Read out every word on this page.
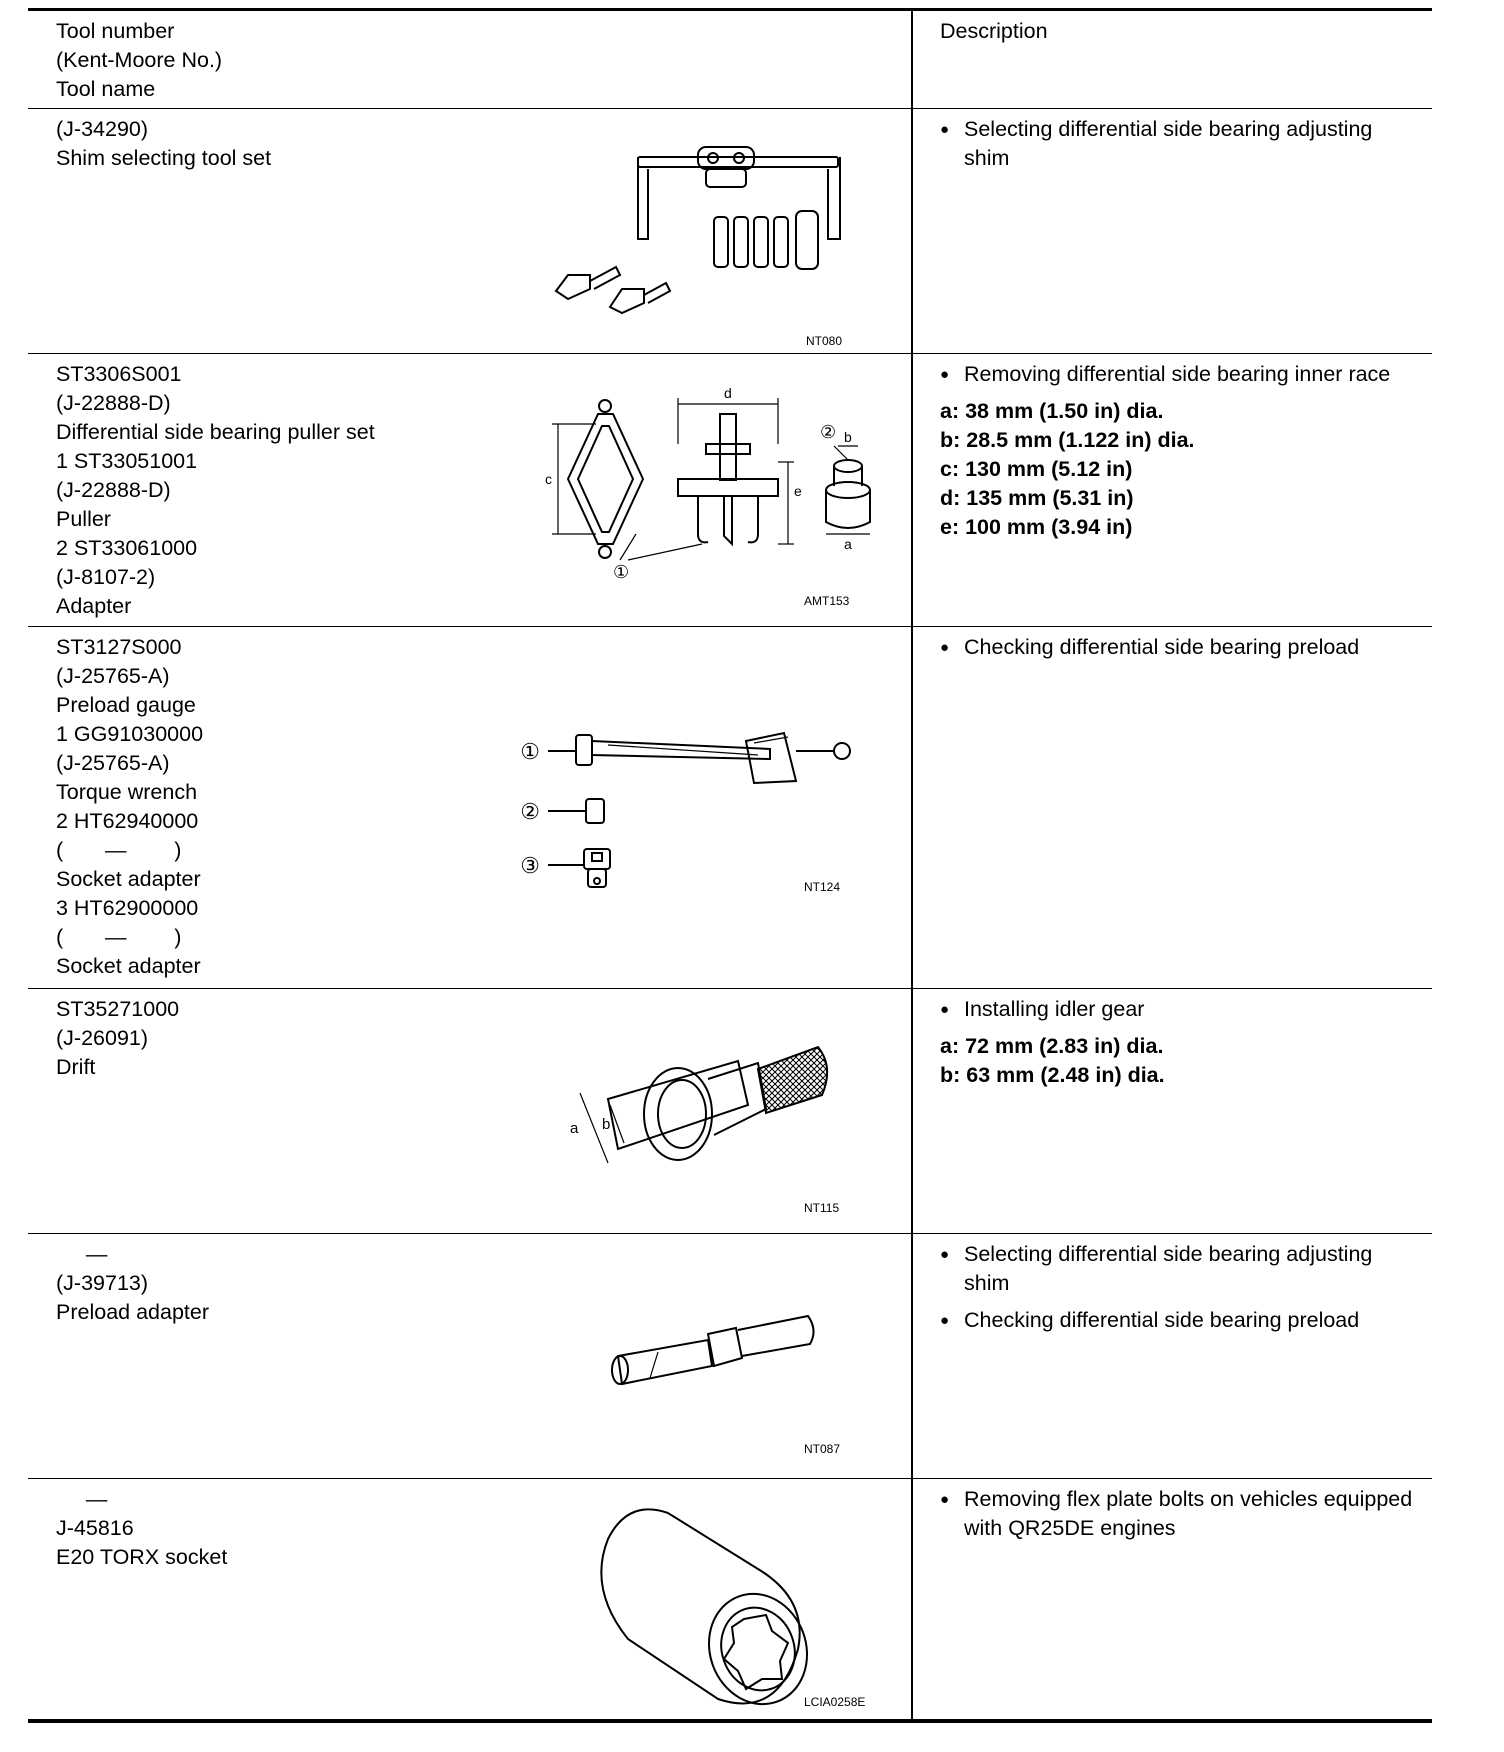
Tool number
(Kent-Moore No.)
Tool name
Description
(J-34290)
Shim selecting tool set
NT080
● Selecting differential side bearing adjusting shim
ST3306S001
(J-22888-D)
Differential side bearing puller set
1 ST33051001
(J-22888-D)
Puller
2 ST33061000
(J-8107-2)
Adapter
c
d
e
a
b
①
②
AMT153
● Removing differential side bearing inner race
a: 38 mm (1.50 in) dia.
b: 28.5 mm (1.122 in) dia.
c: 130 mm (5.12 in)
d: 135 mm (5.31 in)
e: 100 mm (3.94 in)
ST3127S000
(J-25765-A)
Preload gauge
1 GG91030000
(J-25765-A)
Torque wrench
2 HT62940000
(       —        )
Socket adapter
3 HT62900000
(       —        )
Socket adapter
①
②
③
NT124
● Checking differential side bearing preload
ST35271000
(J-26091)
Drift
a b
NT115
● Installing idler gear
a: 72 mm (2.83 in) dia.
b: 63 mm (2.48 in) dia.
—
(J-39713)
Preload adapter
NT087
● Selecting differential side bearing adjusting shim
● Checking differential side bearing preload
—
J-45816
E20 TORX socket
LCIA0258E
● Removing flex plate bolts on vehicles equipped with QR25DE engines
